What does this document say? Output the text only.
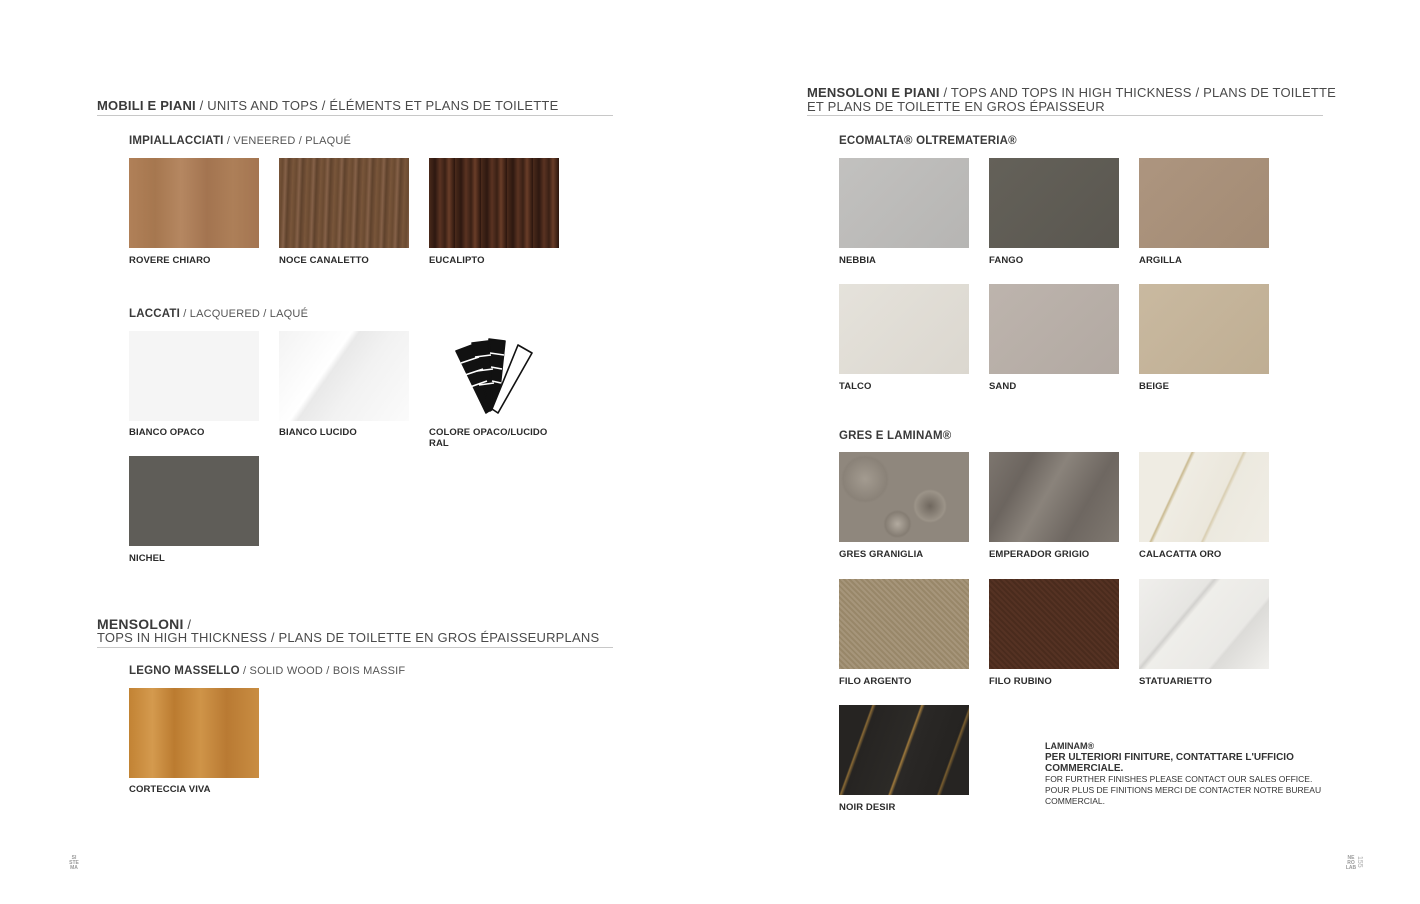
MOBILI E PIANI / UNITS AND TOPS / ÉLÉMENTS ET PLANS DE TOILETTE
IMPIALLACCIATI / VENEERED / PLAQUÉ
ROVERE CHIARO	NOCE CANALETTO	EUCALIPTO
LACCATI / LACQUERED / LAQUÉ
BIANCO OPACO	BIANCO LUCIDO	COLORE OPACO/LUCIDO
RAL
NICHEL
MENSOLONI /
TOPS IN HIGH THICKNESS / PLANS DE TOILETTE EN GROS ÉPAISSEURPLANS
LEGNO MASSELLO / SOLID WOOD / BOIS MASSIF
CORTECCIA VIVA
SI
STE
MA
MENSOLONI E PIANI / TOPS AND TOPS IN HIGH THICKNESS / PLANS DE TOILETTE
ET PLANS DE TOILETTE EN GROS ÉPAISSEUR
ECOMALTA® OLTREMATERIA®
NEBBIA	FANGO	ARGILLA
TALCO	SAND	BEIGE
GRES E LAMINAM®
GRES GRANIGLIA	EMPERADOR GRIGIO	CALACATTA ORO
FILO ARGENTO	FILO RUBINO	STATUARIETTO
NOIR DESIR
LAMINAM®
PER ULTERIORI FINITURE, CONTATTARE L'UFFICIO COMMERCIALE.
FOR FURTHER FINISHES PLEASE CONTACT OUR SALES OFFICE.
POUR PLUS DE FINITIONS MERCI DE CONTACTER NOTRE BUREAU COMMERCIAL.
NE
RO
LAB
155
